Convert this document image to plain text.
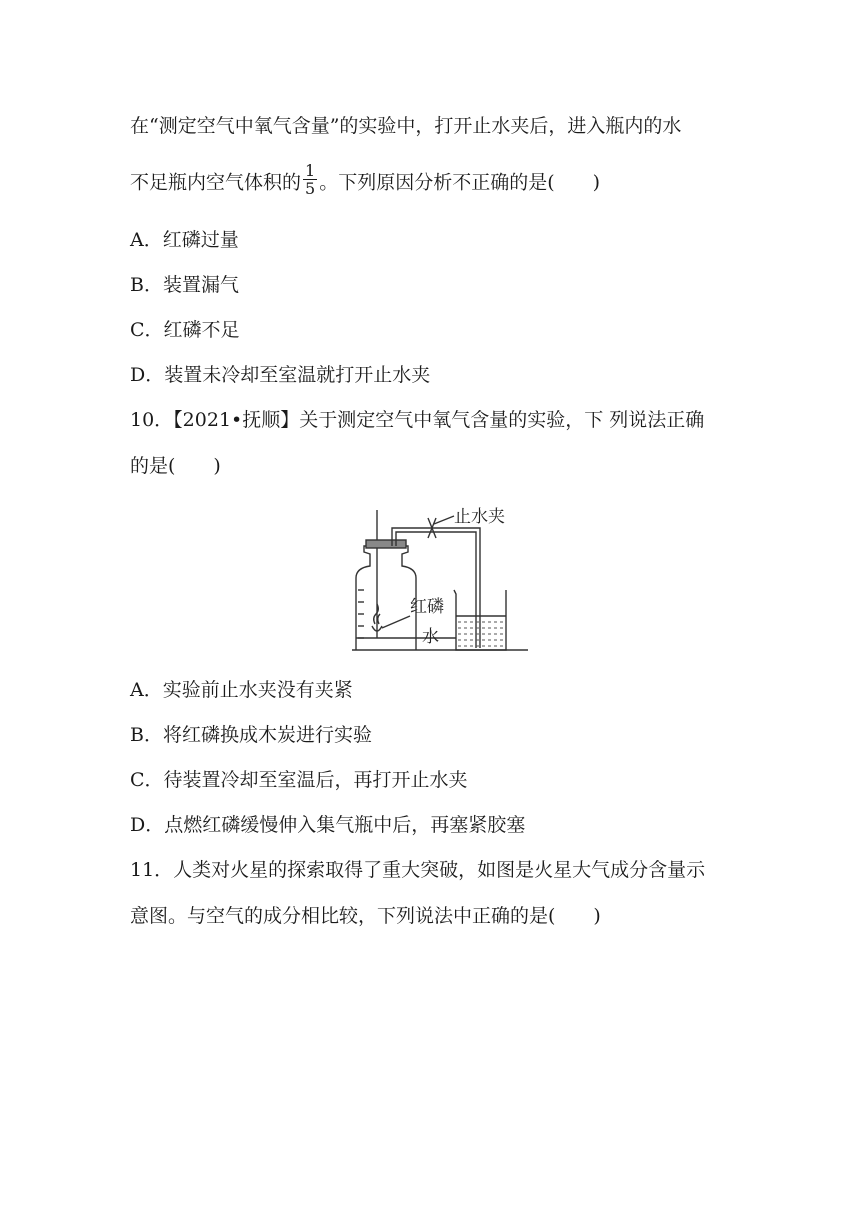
在“测定空气中氧气含量”的实验中，打开止水夹后，进入瓶内的水
不足瓶内空气体积的 $\frac{1}{5}$ 。下列原因分析不正确的是(　　)
A．红磷过量
B．装置漏气
C．红磷不足
D．装置未冷却至室温就打开止水夹
10．【2021•抚顺】关于测定空气中氧气含量的实验，下 列说法正确
的是(　　)
止水夹
红磷
水
A．实验前止水夹没有夹紧
B．将红磷换成木炭进行实验
C．待装置冷却至室温后，再打开止水夹
D．点燃红磷缓慢伸入集气瓶中后，再塞紧胶塞
11．人类对火星的探索取得了重大突破，如图是火星大气成分含量示
意图。与空气的成分相比较，下列说法中正确的是(　　)
